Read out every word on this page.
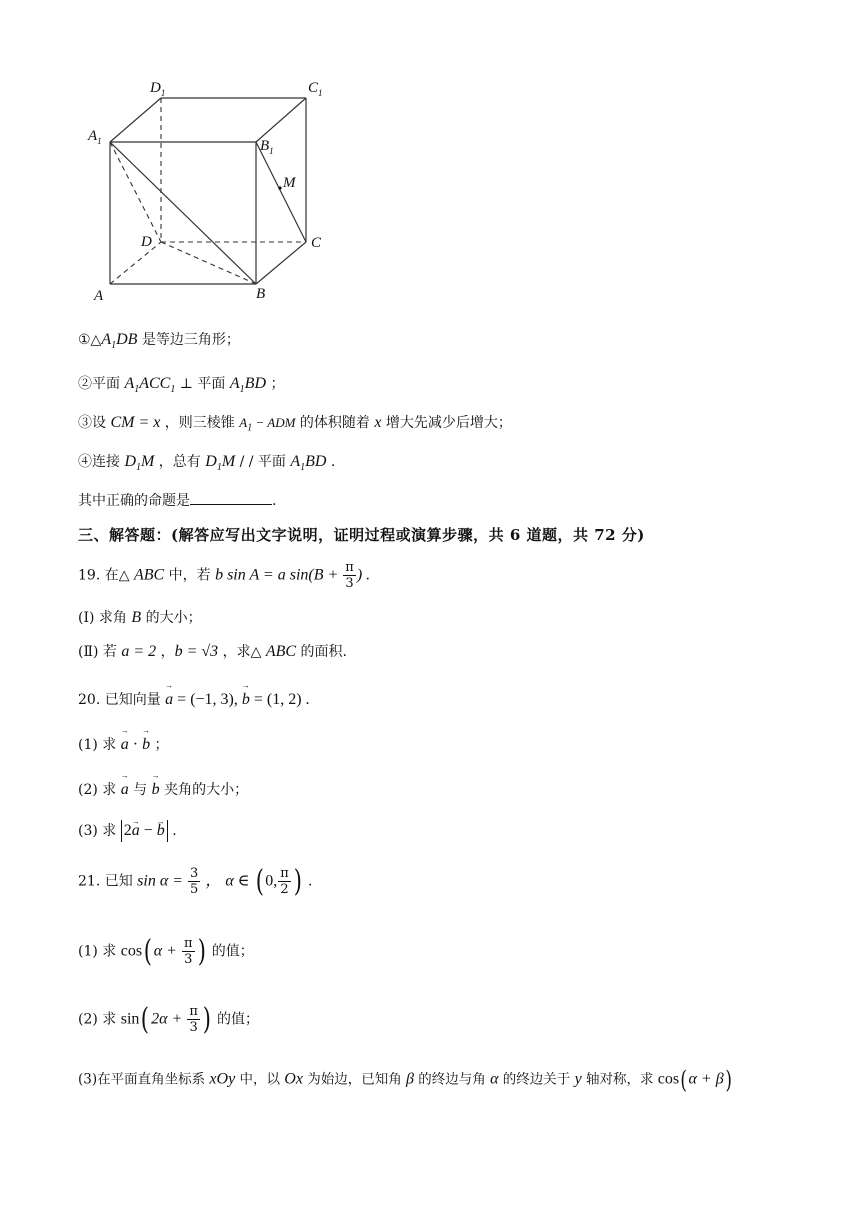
$D_1$	$C_1$
$A_1$	$B_1$
M
D	C
A	B
$①\triangle A_1DB$ 是等边三角形；
②平面 $A_1ACC_1$ ⊥ 平面 $A_1BD$ ；
③设 CM = x ，则三棱锥 $A_1$ − ADM 的体积随着 x 增大先减少后增大；
④连接 $D_1M$ ，总有 $D_1M$ / / 平面 $A_1BD$ .
其中正确的命题是	.
三、解答题：(解答应写出文字说明，证明过程或演算步骤，共 6 道题，共 72 分)
19. 在△ ABC 中，若 b sin A = a $\sin(B + \frac{\pi}{3}$ ) .
(Ⅰ) 求角 B 的大小；
(Ⅱ) 若 a = 2 ，b = √3 ，求△ ABC 的面积.
20. 已知向量 → a = (−1, 3), → b = (1, 2) .
(1) 求 → a · → b ；
(2) 求 → a 与 → b 夹角的大小；
(3) 求 2→ a − → b .
21. 已知 $\sin \alpha = \frac{3}{5}$ ， α ∈ ( 0, $\frac{\pi}{2}$ ) .
(1) 求 cos( $\alpha + \frac{\pi}{3}$ ) 的值；
(2) 求 sin( $2\alpha + \frac{\pi}{3}$ ) 的值；
(3)在平面直角坐标系 xOy 中，以 Ox 为始边，已知角 β 的终边与角 α 的终边关于 y 轴对称，求 cos(α + β)
